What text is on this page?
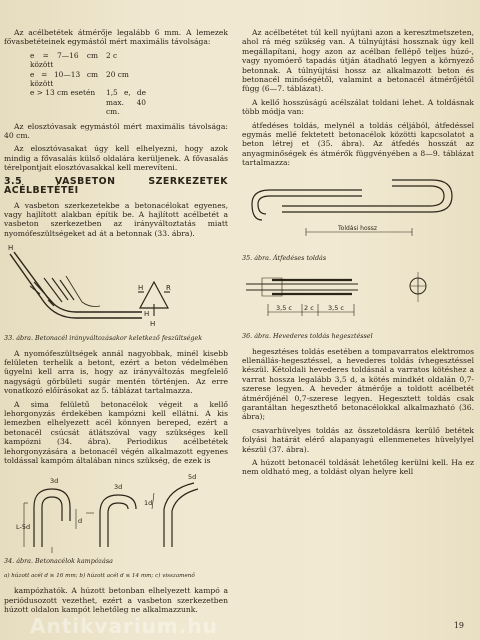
Az acélbetétek átmérője legalább 6 mm. A lemezek fővasbetéteinek egymástól mért maximális távolsága:

e = 7—16 cm között
2 c
e = 10—13 cm között
20 cm
e > 13 cm esetén	1,5 e, de max. 40 cm.

Az elosztóvasak egymástól mért maximális távolsága: 40 cm.

Az elosztóvasakat úgy kell elhelyezni, hogy azok mindig a fővasalás külső oldalára kerüljenek. A fővasalás térelpontjait elosztóvasakkal kell merevíteni.

3.5 VASBETON SZERKEZETEK ACÉLBETÉTEI

A vasbeton szerkezetekbe a betonacélokat egyenes, vagy hajlított alakban építik be. A hajlított acélbetét a vasbeton szerkezetben az irányváltoztatás miatt nyomófeszültségeket ad át a betonnak (33. ábra).

H
H	R
H
H
33. ábra. Betonacél irányváltozásakor keletkező feszültségek

A nyomófeszültségek annál nagyobbak, minél kisebb felületen terhelik a betont, ezért a beton védelmében ügyelni kell arra is, hogy az irányváltozás megfelelő nagyságú görbületi sugár mentén történjen. Az erre vonatkozó előírásokat az 5. táblázat tartalmazza.

A sima felületű betonacélok végeit a kellő lehorgonyzás érdekében kampózni kell ellátni. A kis lemezben elhelyezett acél könnyen bereped, ezért a betonacél csúcsát átlátszóval vagy szükséges kell kampózni (34. ábra). Periodikus acélbetétek lehorgonyzására a betonacél végén alkalmazott egyenes toldással kampóm általában nincs szükség, de ezek is

L-5d
3d
3d
5d
d
1d
34. ábra. Betonacélok kampózása
a) húzott acél d ≥ 16 mm; b) húzott acél d ≤ 14 mm; c) visszamenő

kampózhatók. A húzott betonban elhelyezett kampó a periódusozott vezethet, ezért a vasbeton szerkezetben húzott oldalon kampót lehetőleg ne alkalmazzunk.

Az acélbetétet túl kell nyújtani azon a keresztmetszeten, ahol rá még szükség van. A túlnyújtási hossznak úgy kell megállapítani, hogy azon az acélban fellépő teljes húzó-, vagy nyomóerő tapadás útján átadható legyen a környező betonnak. A túlnyújtási hossz az alkalmazott beton és betonacél minőségétől, valamint a betonacél átmérőjétől függ (6—7. táblázat).

A kellő hosszúságú acélszálat toldani lehet. A toldásnak több módja van:

átfedéses toldás, melynél a toldás céljából, átfedéssel egymás mellé fektetett betonacélok közötti kapcsolatot a beton létrej et (35. ábra). Az átfedés hosszát az anyagminőségek és átmérők függvényében a 8—9. táblázat tartalmazza:

Toldási hossz
35. ábra. Átfedéses toldás
3,5 c 2 c 3,5 c
36. ábra. Hevederes toldás hegesztéssel

hegesztéses toldás esetében a tompavarratos elektromos ellenállás-hegesztéssel, a hevederes toldás ívhegesztéssel készül. Kétoldali hevederes toldásnál a varratos kötéshez a varrat hossza legalább 3,5 d, a kötés mindkét oldalán 0,7-szerese legyen. A heveder átmérője a toldott acélbetét átmérőjénél 0,7-szerese legyen. Hegesztett toldás csak garantáltan hegeszthető betonacélokkal alkalmazható (36. ábra);

csavarhüvelyes toldás az összetoldásra kerülő betétek folyási határát elérő alapanyagú ellenmenetes hüvelylyel készül (37. ábra).

A húzott betonacél toldását lehetőleg kerülni kell. Ha ez nem oldható meg, a toldást olyan helyre kell

19
Antikvarium.hu
